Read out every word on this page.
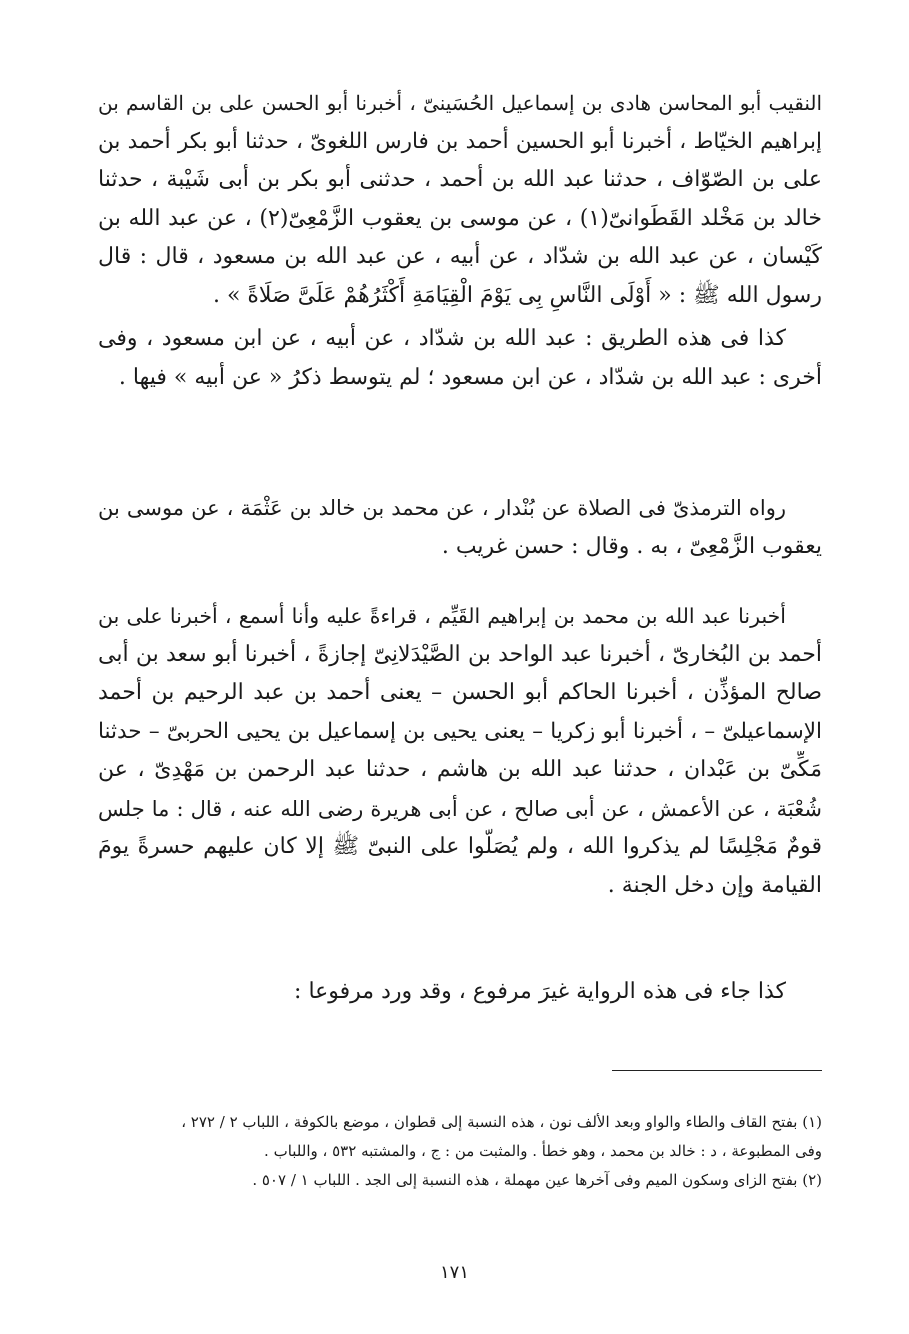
النقيب أبو المحاسن هادى بن إسماعيل الحُسَينىّ ، أخبرنا أبو الحسن على بن القاسم بن
إبراهيم الخيّاط ، أخبرنا أبو الحسين أحمد بن فارس اللغوىّ ، حدثنا أبو بكر أحمد بن
على بن الصّوّاف ، حدثنا عبد الله بن أحمد ، حدثنى أبو بكر بن أبى شَيْبة ، حدثنا
خالد بن مَخْلد القَطَوانىّ(١) ، عن موسى بن يعقوب الزَّمْعِىّ(٢) ، عن عبد الله بن
كَيْسان ، عن عبد الله بن شدّاد ، عن أبيه ، عن عبد الله بن مسعود ، قال : قال
رسول الله ﷺ : « أَوْلَى النَّاسِ بِى يَوْمَ الْقِيَامَةِ أَكْثَرُهُمْ عَلَىَّ صَلَاةً » .
كذا فى هذه الطريق : عبد الله بن شدّاد ، عن أبيه ، عن ابن مسعود ، وفى
أخرى : عبد الله بن شدّاد ، عن ابن مسعود ؛ لم يتوسط ذكرُ « عن أبيه » فيها .
رواه الترمذىّ فى الصلاة عن بُنْدار ، عن محمد بن خالد بن عَثْمَة ، عن موسى بن
يعقوب الزَّمْعِىّ ، به . وقال : حسن غريب .
أخبرنا عبد الله بن محمد بن إبراهيم القَيِّم ، قراءةً عليه وأنا أسمع ، أخبرنا على بن
أحمد بن البُخارىّ ، أخبرنا عبد الواحد بن الصَّيْدَلانِىّ إجازةً ، أخبرنا أبو سعد بن أبى
صالح المؤذِّن ، أخبرنا الحاكم أبو الحسن – يعنى أحمد بن عبد الرحيم بن أحمد
الإسماعيلىّ – ، أخبرنا أبو زكريا – يعنى يحيى بن إسماعيل بن يحيى الحربىّ – حدثنا
مَكِّىّ بن عَبْدان ، حدثنا عبد الله بن هاشم ، حدثنا عبد الرحمن بن مَهْدِىّ ، عن
شُعْبَة ، عن الأعمش ، عن أبى صالح ، عن أبى هريرة رضى الله عنه ، قال : ما جلس
قومٌ مَجْلِسًا لم يذكروا الله ، ولم يُصَلّوا على النبىّ ﷺ إلا كان عليهم حسرةً يومَ
القيامة وإن دخل الجنة .
كذا جاء فى هذه الرواية غيرَ مرفوع ، وقد ورد مرفوعا :
(١) بفتح القاف والطاء والواو وبعد الألف نون ، هذه النسبة إلى قطوان ، موضع بالكوفة ، اللباب ٢ / ٢٧٢ ،
وفى المطبوعة ، د : خالد بن محمد ، وهو خطأ . والمثبت من : ج ، والمشتبه ٥٣٢ ، واللباب .
(٢) بفتح الزاى وسكون الميم وفى آخرها عين مهملة ، هذه النسبة إلى الجد . اللباب ١ / ٥٠٧ .
١٧١
